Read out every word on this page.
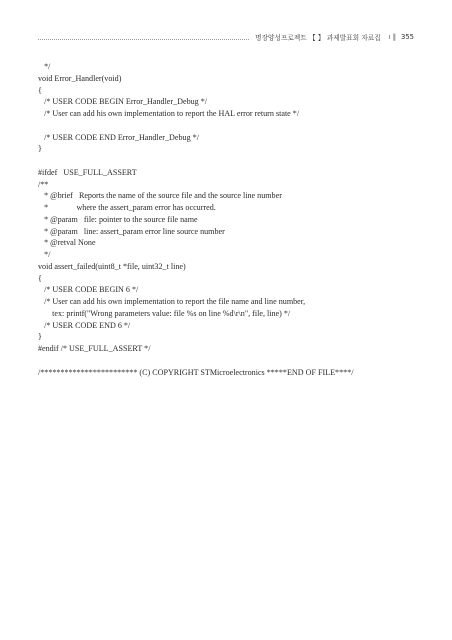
명장양성프로젝트 【 】 과제발표회 자료집 ı ‖ 355
*/
void Error_Handler(void)
{
/* USER CODE BEGIN Error_Handler_Debug */
/* User can add his own implementation to report the HAL error return state */
/* USER CODE END Error_Handler_Debug */
}
#ifdef   USE_FULL_ASSERT
/**
* @brief   Reports the name of the source file and the source line number
*              where the assert_param error has occurred.
* @param   file: pointer to the source file name
* @param   line: assert_param error line source number
* @retval None
*/
void assert_failed(uint8_t *file, uint32_t line)
{
/* USER CODE BEGIN 6 */
/* User can add his own implementation to report the file name and line number,
tex: printf("Wrong parameters value: file %s on line %d\r\n", file, line) */
/* USER CODE END 6 */
}
#endif /* USE_FULL_ASSERT */
/************************ (C) COPYRIGHT STMicroelectronics *****END OF FILE****/
